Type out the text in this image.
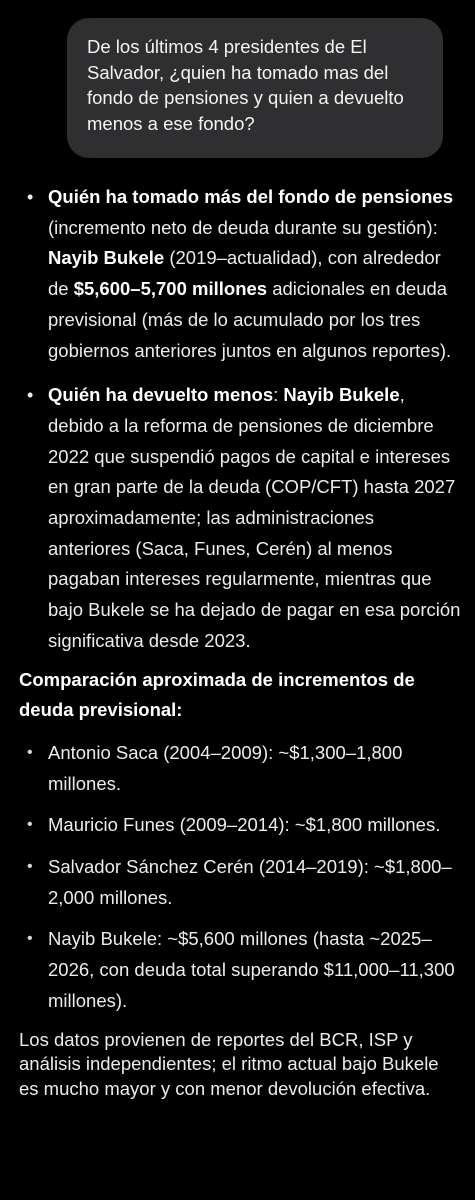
De los últimos 4 presidentes de El Salvador, ¿quien ha tomado mas del fondo de pensiones y quien a devuelto menos a ese fondo?
• Quién ha tomado más del fondo de pensiones (incremento neto de deuda durante su gestión): Nayib Bukele (2019–actualidad), con alrededor de $5,600–5,700 millones adicionales en deuda previsional (más de lo acumulado por los tres gobiernos anteriores juntos en algunos reportes).
• Quién ha devuelto menos: Nayib Bukele, debido a la reforma de pensiones de diciembre 2022 que suspendió pagos de capital e intereses en gran parte de la deuda (COP/CFT) hasta 2027 aproximadamente; las administraciones anteriores (Saca, Funes, Cerén) al menos pagaban intereses regularmente, mientras que bajo Bukele se ha dejado de pagar en esa porción significativa desde 2023.
Comparación aproximada de incrementos de deuda previsional:
• Antonio Saca (2004–2009): ~$1,300–1,800 millones.
• Mauricio Funes (2009–2014): ~$1,800 millones.
• Salvador Sánchez Cerén (2014–2019): ~$1,800–2,000 millones.
• Nayib Bukele: ~$5,600 millones (hasta ~2025–2026, con deuda total superando $11,000–11,300 millones).
Los datos provienen de reportes del BCR, ISP y análisis independientes; el ritmo actual bajo Bukele es mucho mayor y con menor devolución efectiva.
